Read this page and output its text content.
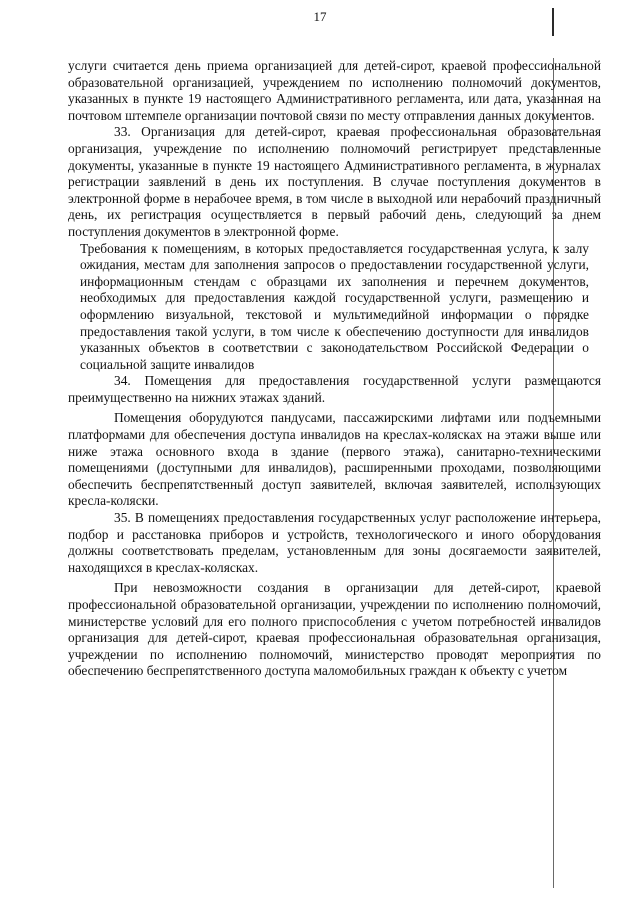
17

услуги считается день приема организацией для детей-сирот, краевой профессиональной образовательной организацией, учреждением по исполнению полномочий документов, указанных в пункте 19 настоящего Административного регламента, или дата, указанная на почтовом штемпеле организации почтовой связи по месту отправления данных документов.

33. Организация для детей-сирот, краевая профессиональная образовательная организация, учреждение по исполнению полномочий регистрирует представленные документы, указанные в пункте 19 настоящего Административного регламента, в журналах регистрации заявлений в день их поступления. В случае поступления документов в электронной форме в нерабочее время, в том числе в выходной или нерабочий праздничный день, их регистрация осуществляется в первый рабочий день, следующий за днем поступления документов в электронной форме.

Требования к помещениям, в которых предоставляется государственная услуга, к залу ожидания, местам для заполнения запросов о предоставлении государственной услуги, информационным стендам с образцами их заполнения и перечнем документов, необходимых для предоставления каждой государственной услуги, размещению и оформлению визуальной, текстовой и мультимедийной информации о порядке предоставления такой услуги, в том числе к обеспечению доступности для инвалидов указанных объектов в соответствии с законодательством Российской Федерации о социальной защите инвалидов

34. Помещения для предоставления государственной услуги размещаются преимущественно на нижних этажах зданий.

Помещения оборудуются пандусами, пассажирскими лифтами или подъемными платформами для обеспечения доступа инвалидов на креслах-колясках на этажи выше или ниже этажа основного входа в здание (первого этажа), санитарно-техническими помещениями (доступными для инвалидов), расширенными проходами, позволяющими обеспечить беспрепятственный доступ заявителей, включая заявителей, использующих кресла-коляски.

35. В помещениях предоставления государственных услуг расположение интерьера, подбор и расстановка приборов и устройств, технологического и иного оборудования должны соответствовать пределам, установленным для зоны досягаемости заявителей, находящихся в креслах-колясках.

При невозможности создания в организации для детей-сирот, краевой профессиональной образовательной организации, учреждении по исполнению полномочий, министерстве условий для его полного приспособления с учетом потребностей инвалидов организация для детей-сирот, краевая профессиональная образовательная организация, учреждении по исполнению полномочий, министерство проводят мероприятия по обеспечению беспрепятственного доступа маломобильных граждан к объекту с учетом
